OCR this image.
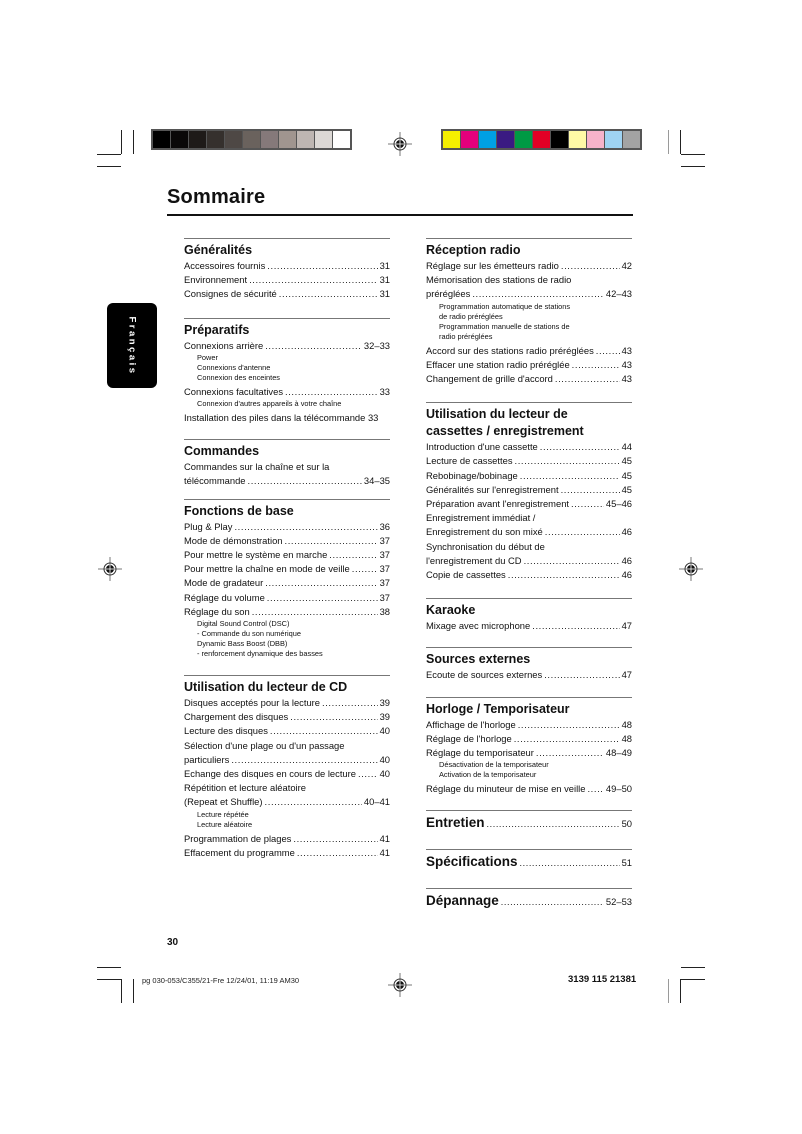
Sommaire
Français
Généralités
Accessoires fournis .....	31
Environnement .....	31
Consignes de sécurité .....	31
Préparatifs
Connexions arrière .....	32–33
Power
Connexions d'antenne
Connexion des enceintes
Connexions facultatives .....	33
Connexion d'autres appareils à votre chaîne
Installation des piles dans la télécommande 33
Commandes
Commandes sur la chaîne et sur la
télécommande .....	34–35
Fonctions de base
Plug & Play .....	36
Mode de démonstration .....	37
Pour mettre le système en marche .....	37
Pour mettre la chaîne en mode de veille .....	37
Mode de gradateur .....	37
Réglage du volume .....	37
Réglage du son .....	38
Digital Sound Control (DSC)
- Commande du son numérique
Dynamic Bass Boost (DBB)
- renforcement dynamique des basses
Utilisation du lecteur de CD
Disques acceptés pour la lecture .....	39
Chargement des disques .....	39
Lecture des disques .....	40
Sélection d'une plage ou d'un passage
particuliers .....	40
Echange des disques en cours de lecture .....	40
Répétition et lecture aléatoire
(Repeat et Shuffle) .....	40–41
Lecture répétée
Lecture aléatoire
Programmation de plages .....	41
Effacement du programme .....	41
Réception radio
Réglage sur les émetteurs radio .....	42
Mémorisation des stations de radio
préréglées .....	42–43
Programmation automatique de stations
de radio préréglées
Programmation manuelle de stations de
radio préréglées
Accord sur des stations radio préréglées .....	43
Effacer une station radio préréglée .....	43
Changement de grille d'accord .....	43
Utilisation du lecteur de
cassettes / enregistrement
Introduction d'une cassette .....	44
Lecture de cassettes .....	45
Rebobinage/bobinage .....	45
Généralités sur l'enregistrement .....	45
Préparation avant l'enregistrement .....	45–46
Enregistrement immédiat /
Enregistrement du son mixé .....	46
Synchronisation du début de
l'enregistrement du CD .....	46
Copie de cassettes .....	46
Karaoke
Mixage avec microphone .....	47
Sources externes
Ecoute de sources externes .....	47
Horloge / Temporisateur
Affichage de l'horloge .....	48
Réglage de l'horloge .....	48
Réglage du temporisateur .....	48–49
Désactivation de la temporisateur
Activation de la temporisateur
Réglage du minuteur de mise en veille ..... 49–50
Entretien .....	50
Spécifications .....	51
Dépannage .....	52–53
30
pg 030-053/C355/21-Fre 12/24/01, 11:19 AM30	3139 115 21381
